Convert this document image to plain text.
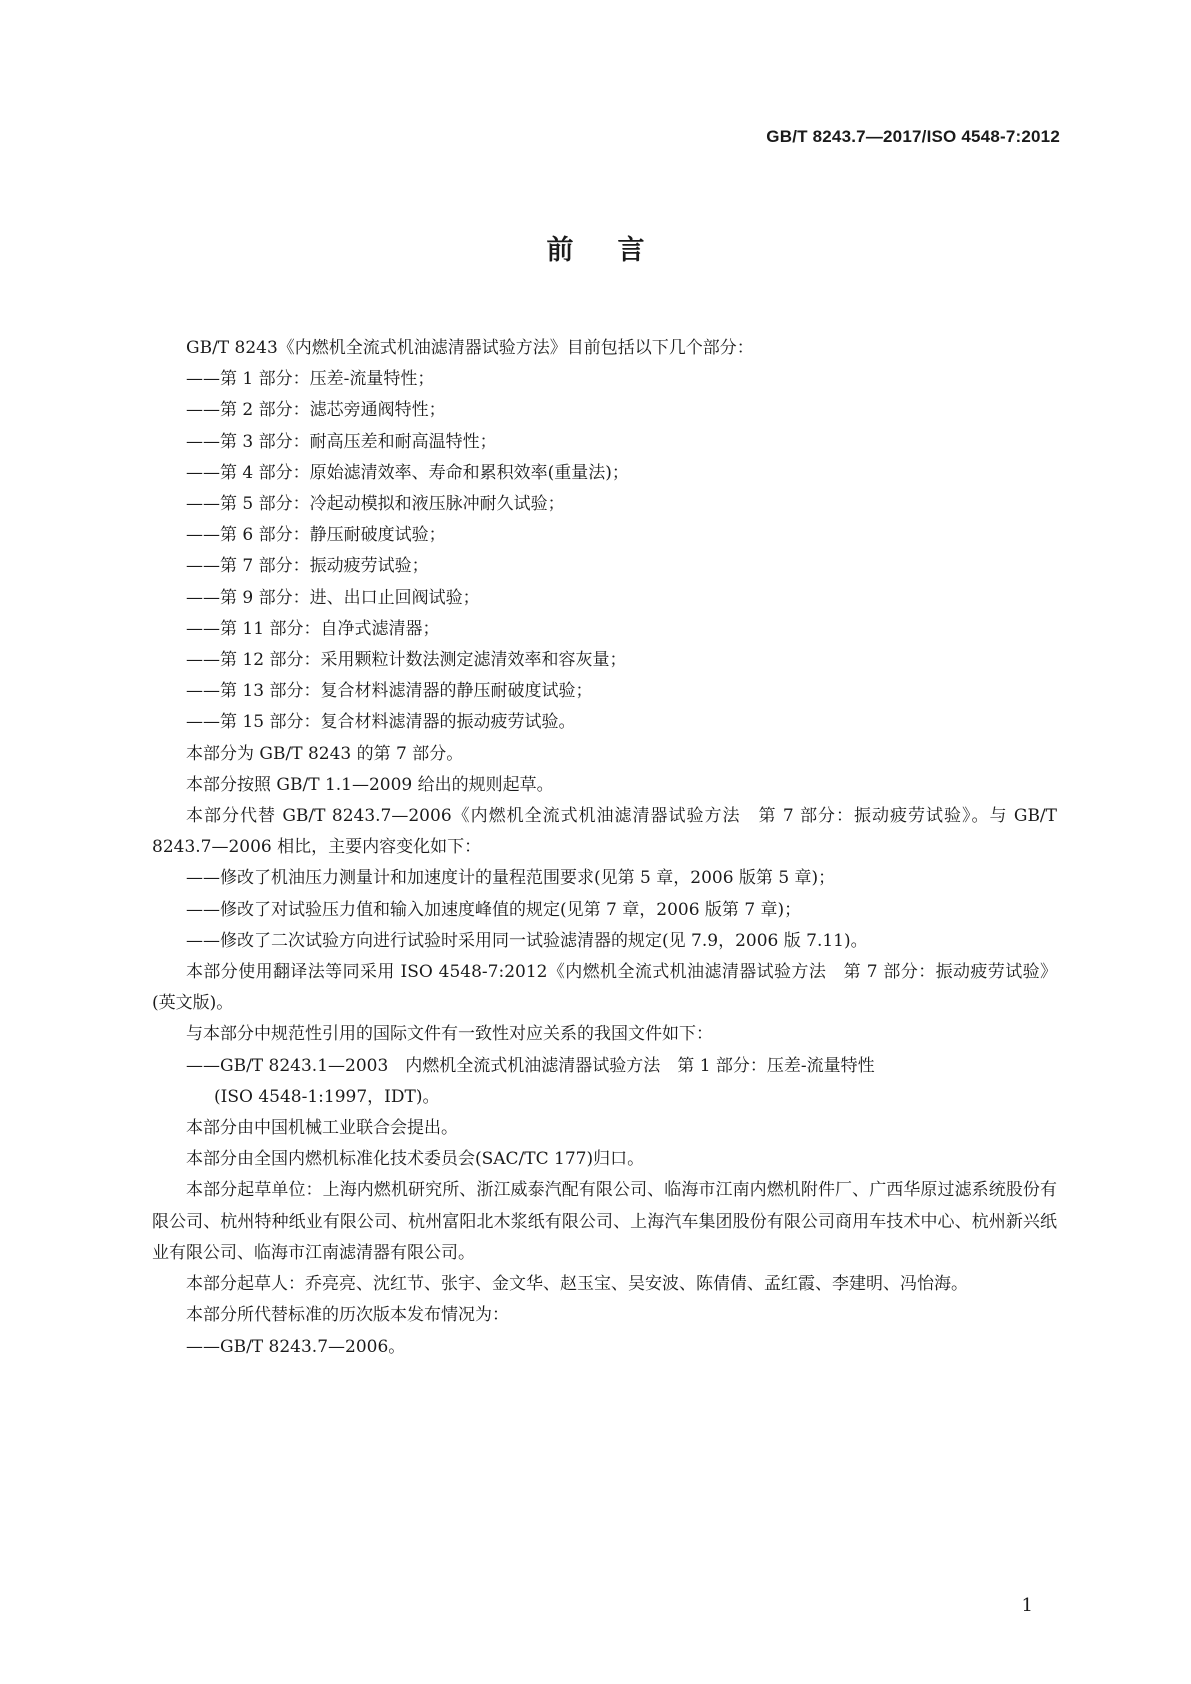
GB/T 8243.7—2017/ISO 4548-7:2012
前言

GB/T 8243《内燃机全流式机油滤清器试验方法》目前包括以下几个部分：

——第 1 部分：压差-流量特性；

——第 2 部分：滤芯旁通阀特性；

——第 3 部分：耐高压差和耐高温特性；

——第 4 部分：原始滤清效率、寿命和累积效率(重量法)；

——第 5 部分：冷起动模拟和液压脉冲耐久试验；

——第 6 部分：静压耐破度试验；

——第 7 部分：振动疲劳试验；

——第 9 部分：进、出口止回阀试验；

——第 11 部分：自净式滤清器；

——第 12 部分：采用颗粒计数法测定滤清效率和容灰量；

——第 13 部分：复合材料滤清器的静压耐破度试验；

——第 15 部分：复合材料滤清器的振动疲劳试验。

本部分为 GB/T 8243 的第 7 部分。

本部分按照 GB/T 1.1—2009 给出的规则起草。

本部分代替 GB/T 8243.7—2006《内燃机全流式机油滤清器试验方法　第 7 部分：振动疲劳试验》。与 GB/T 8243.7—2006 相比，主要内容变化如下：

——修改了机油压力测量计和加速度计的量程范围要求(见第 5 章，2006 版第 5 章)；

——修改了对试验压力值和输入加速度峰值的规定(见第 7 章，2006 版第 7 章)；

——修改了二次试验方向进行试验时采用同一试验滤清器的规定(见 7.9，2006 版 7.11)。

本部分使用翻译法等同采用 ISO 4548-7:2012《内燃机全流式机油滤清器试验方法　第 7 部分：振动疲劳试验》(英文版)。

与本部分中规范性引用的国际文件有一致性对应关系的我国文件如下：

——GB/T 8243.1—2003　内燃机全流式机油滤清器试验方法　第 1 部分：压差-流量特性

(ISO 4548-1:1997，IDT)。

本部分由中国机械工业联合会提出。

本部分由全国内燃机标准化技术委员会(SAC/TC 177)归口。

本部分起草单位：上海内燃机研究所、浙江威泰汽配有限公司、临海市江南内燃机附件厂、广西华原过滤系统股份有限公司、杭州特种纸业有限公司、杭州富阳北木浆纸有限公司、上海汽车集团股份有限公司商用车技术中心、杭州新兴纸业有限公司、临海市江南滤清器有限公司。

本部分起草人：乔亮亮、沈红节、张宇、金文华、赵玉宝、吴安波、陈倩倩、孟红霞、李建明、冯怡海。

本部分所代替标准的历次版本发布情况为：

——GB/T 8243.7—2006。

1
